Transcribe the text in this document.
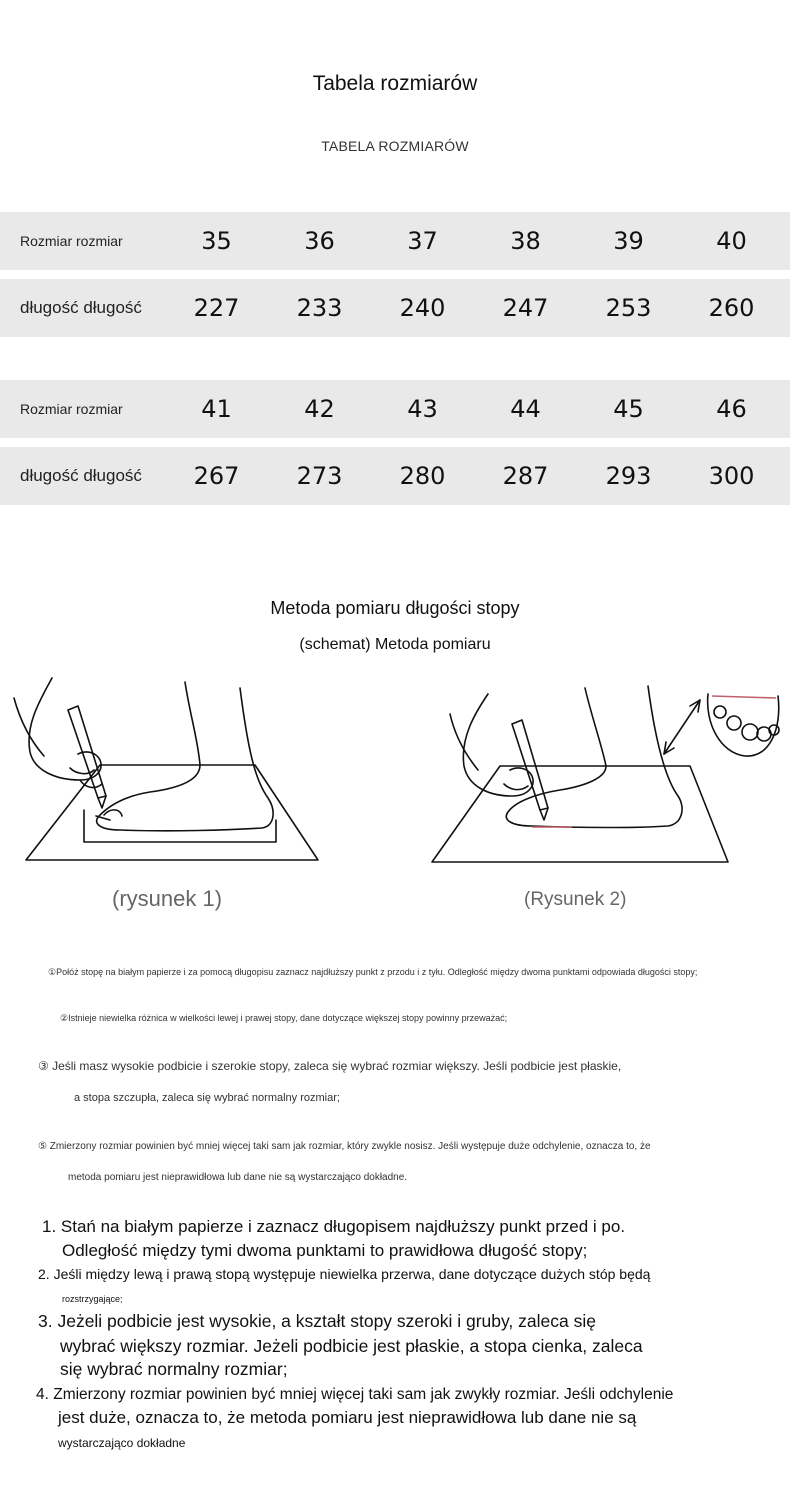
Tabela rozmiarów
TABELA ROZMIARÓW
Rozmiar rozmiar	35	36	37	38	39	40
długość długość	227	233	240	247	253	260
Rozmiar rozmiar	41	42	43	44	45	46
długość długość	267	273	280	287	293	300
Metoda pomiaru długości stopy
(schemat) Metoda pomiaru
(rysunek 1)	(Rysunek 2)
①Połóż stopę na białym papierze i za pomocą długopisu zaznacz najdłuższy punkt z przodu i z tyłu. Odległość między dwoma punktami odpowiada długości stopy;
②Istnieje niewielka różnica w wielkości lewej i prawej stopy, dane dotyczące większej stopy powinny przeważać;
③ Jeśli masz wysokie podbicie i szerokie stopy, zaleca się wybrać rozmiar większy. Jeśli podbicie jest płaskie,
a stopa szczupła, zaleca się wybrać normalny rozmiar;
⑤ Zmierzony rozmiar powinien być mniej więcej taki sam jak rozmiar, który zwykle nosisz. Jeśli występuje duże odchylenie, oznacza to, że
metoda pomiaru jest nieprawidłowa lub dane nie są wystarczająco dokładne.
1. Stań na białym papierze i zaznacz długopisem najdłuższy punkt przed i po.
Odległość między tymi dwoma punktami to prawidłowa długość stopy;
2. Jeśli między lewą i prawą stopą występuje niewielka przerwa, dane dotyczące dużych stóp będą
rozstrzygające;
3. Jeżeli podbicie jest wysokie, a kształt stopy szeroki i gruby, zaleca się
wybrać większy rozmiar. Jeżeli podbicie jest płaskie, a stopa cienka, zaleca
się wybrać normalny rozmiar;
4. Zmierzony rozmiar powinien być mniej więcej taki sam jak zwykły rozmiar. Jeśli odchylenie
jest duże, oznacza to, że metoda pomiaru jest nieprawidłowa lub dane nie są
wystarczająco dokładne
